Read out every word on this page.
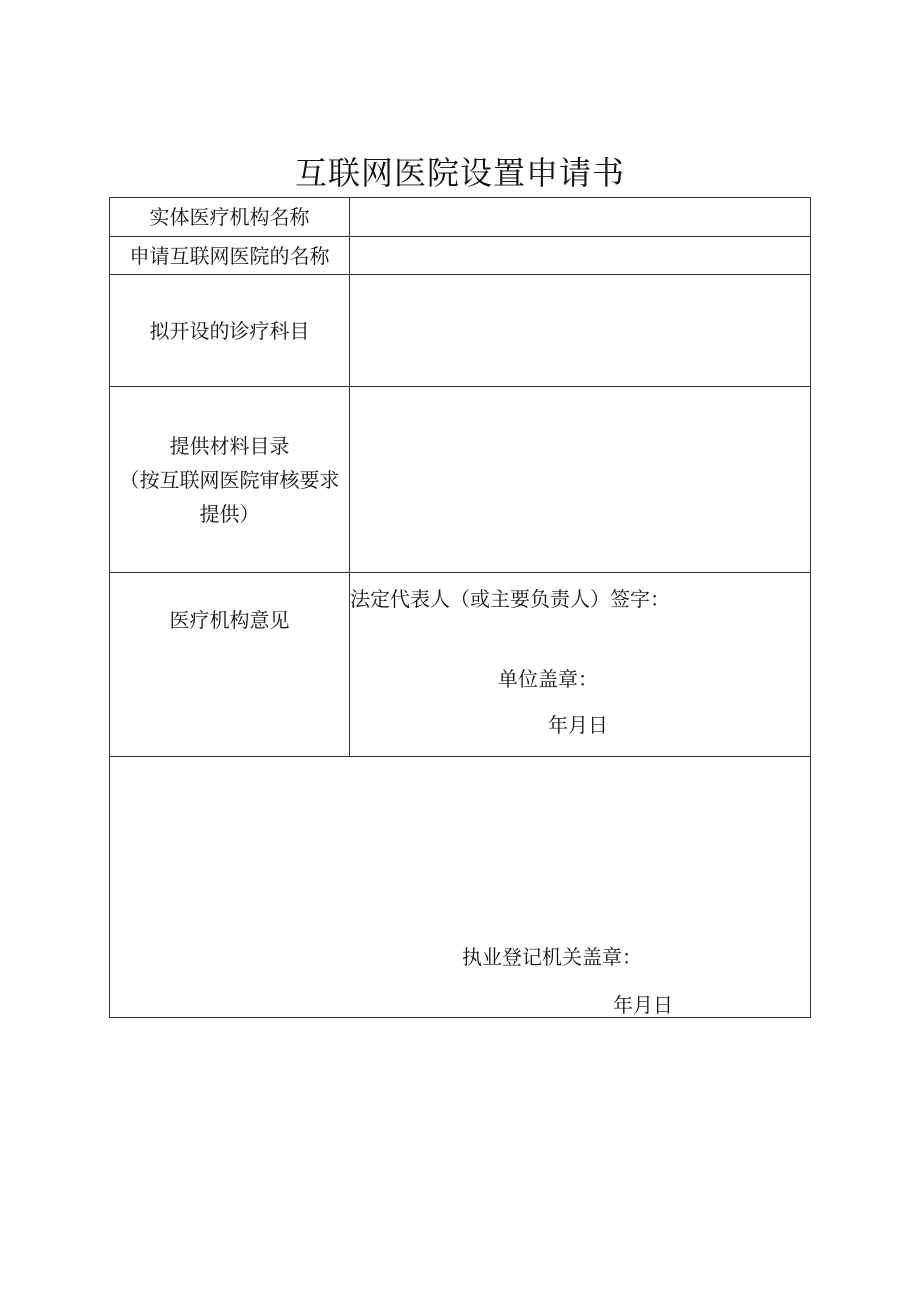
互联网医院设置申请书
实体医疗机构名称
申请互联网医院的名称
拟开设的诊疗科目
提供材料目录
（按互联网医院审核要求
提供）
医疗机构意见
法定代表人（或主要负责人）签字：
单位盖章：
年月日
执业登记机关盖章：
年月日
